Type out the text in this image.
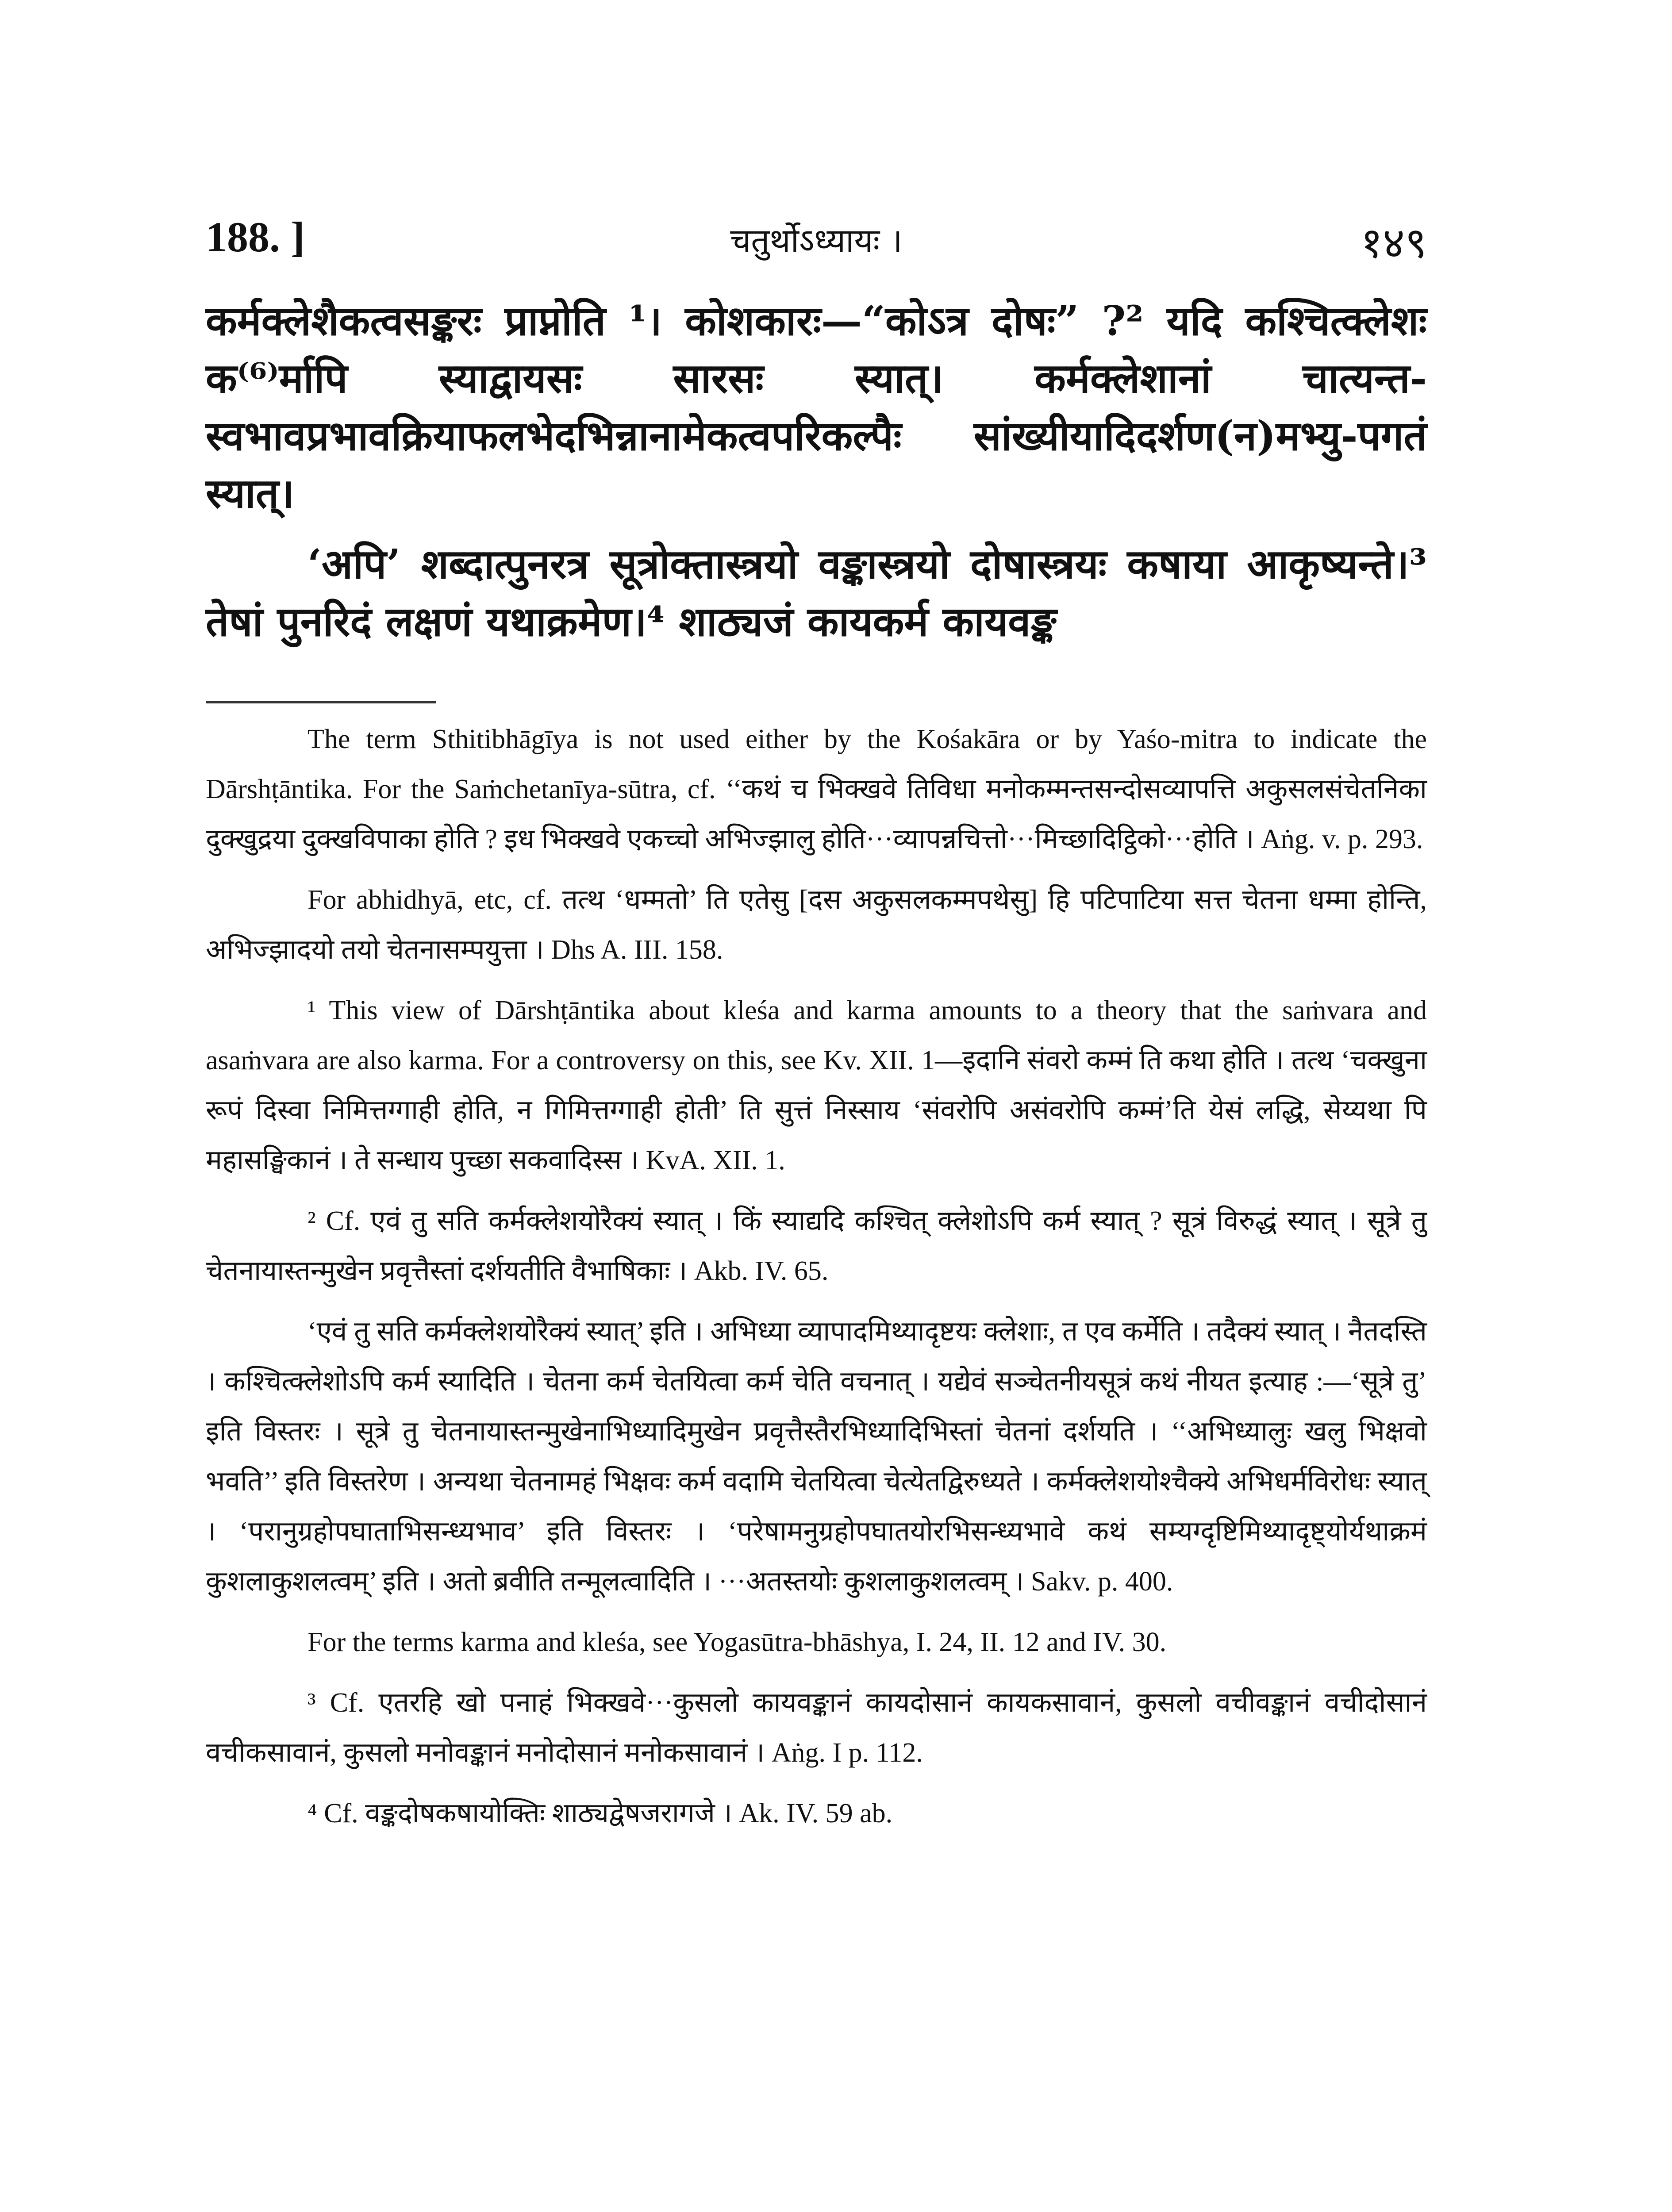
188. ]	चतुर्थोऽध्यायः ।	१४९

कर्मक्लेशैकत्वसङ्करः प्राप्नोति ¹। कोशकारः—“कोऽत्र दोषः” ?² यदि कश्चित्क्लेशः क⁽⁶⁾र्मापि स्याद्वायसः सारसः स्यात्। कर्मक्लेशानां चात्यन्त-स्वभावप्रभावक्रियाफलभेदभिन्नानामेकत्वपरिकल्पैः सांख्यीयादिदर्शण(न)मभ्यु-पगतं स्यात्।

‘अपि’ शब्दात्पुनरत्र सूत्रोक्तास्त्रयो वङ्कास्त्रयो दोषास्त्रयः कषाया आकृष्यन्ते।³ तेषां पुनरिदं लक्षणं यथाक्रमेण।⁴ शाठ्यजं कायकर्म कायवङ्क

The term Sthitibhāgīya is not used either by the Kośakāra or by Yaśo-mitra to indicate the Dārshṭāntika. For the Saṁchetanīya-sūtra, cf. ‘‘कथं च भिक्खवे तिविधा मनोकम्मन्तसन्दोसव्यापत्ति अकुसलसंचेतनिका दुक्खुद्रया दुक्खविपाका होति ? इध भिक्खवे एकच्चो अभिज्झालु होति···व्यापन्नचित्तो···मिच्छादिट्ठिको···होति । Aṅg. v. p. 293.

For abhidhyā, etc, cf. तत्थ ‘धम्मतो’ ति एतेसु [दस अकुसलकम्मपथेसु] हि पटिपाटिया सत्त चेतना धम्मा होन्ति, अभिज्झादयो तयो चेतनासम्पयुत्ता । Dhs A. III. 158.

¹ This view of Dārshṭāntika about kleśa and karma amounts to a theory that the saṁvara and asaṁvara are also karma. For a controversy on this, see Kv. XII. 1—इदानि संवरो कम्मं ति कथा होति । तत्थ ‘चक्खुना रूपं दिस्वा निमित्तग्गाही होति, न गिमित्तग्गाही होती’ ति सुत्तं निस्साय ‘संवरोपि असंवरोपि कम्मं’ति येसं लद्धि, सेय्यथा पि महासङ्घिकानं । ते सन्धाय पुच्छा सकवादिस्स । KvA. XII. 1.

² Cf. एवं तु सति कर्मक्लेशयोरैक्यं स्यात् । किं स्याद्यदि कश्चित् क्लेशोऽपि कर्म स्यात् ? सूत्रं विरुद्धं स्यात् । सूत्रे तु चेतनायास्तन्मुखेन प्रवृत्तैस्तां दर्शयतीति वैभाषिकाः । Akb. IV. 65.

‘एवं तु सति कर्मक्लेशयोरैक्यं स्यात्’ इति । अभिध्या व्यापादमिथ्यादृष्टयः क्लेशाः, त एव कर्मेति । तदैक्यं स्यात् । नैतदस्ति । कश्चित्क्लेशोऽपि कर्म स्यादिति । चेतना कर्म चेतयित्वा कर्म चेति वचनात् । यद्येवं सञ्चेतनीयसूत्रं कथं नीयत इत्याह :—‘सूत्रे तु’ इति विस्तरः । सूत्रे तु चेतनायास्तन्मुखेनाभिध्यादिमुखेन प्रवृत्तैस्तैरभिध्यादिभिस्तां चेतनां दर्शयति । ‘‘अभिध्यालुः खलु भिक्षवो भवति’’ इति विस्तरेण । अन्यथा चेतनामहं भिक्षवः कर्म वदामि चेतयित्वा चेत्येतद्विरुध्यते । कर्मक्लेशयोश्चैक्ये अभिधर्मविरोधः स्यात् । ‘परानुग्रहोपघाताभिसन्ध्यभाव’ इति विस्तरः । ‘परेषामनुग्रहोपघातयोरभिसन्ध्यभावे कथं सम्यग्दृष्टिमिथ्यादृष्ट्योर्यथाक्रमं कुशलाकुशलत्वम्’ इति । अतो ब्रवीति तन्मूलत्वादिति । ···अतस्तयोः कुशलाकुशलत्वम् । Sakv. p. 400.

For the terms karma and kleśa, see Yogasūtra-bhāshya, I. 24, II. 12 and IV. 30.

³ Cf. एतरहि खो पनाहं भिक्खवे···कुसलो कायवङ्कानं कायदोसानं कायकसावानं, कुसलो वचीवङ्कानं वचीदोसानं वचीकसावानं, कुसलो मनोवङ्कानं मनोदोसानं मनोकसावानं । Aṅg. I p. 112.

⁴ Cf. वङ्कदोषकषायोक्तिः शाठ्यद्वेषजरागजे । Ak. IV. 59 ab.
